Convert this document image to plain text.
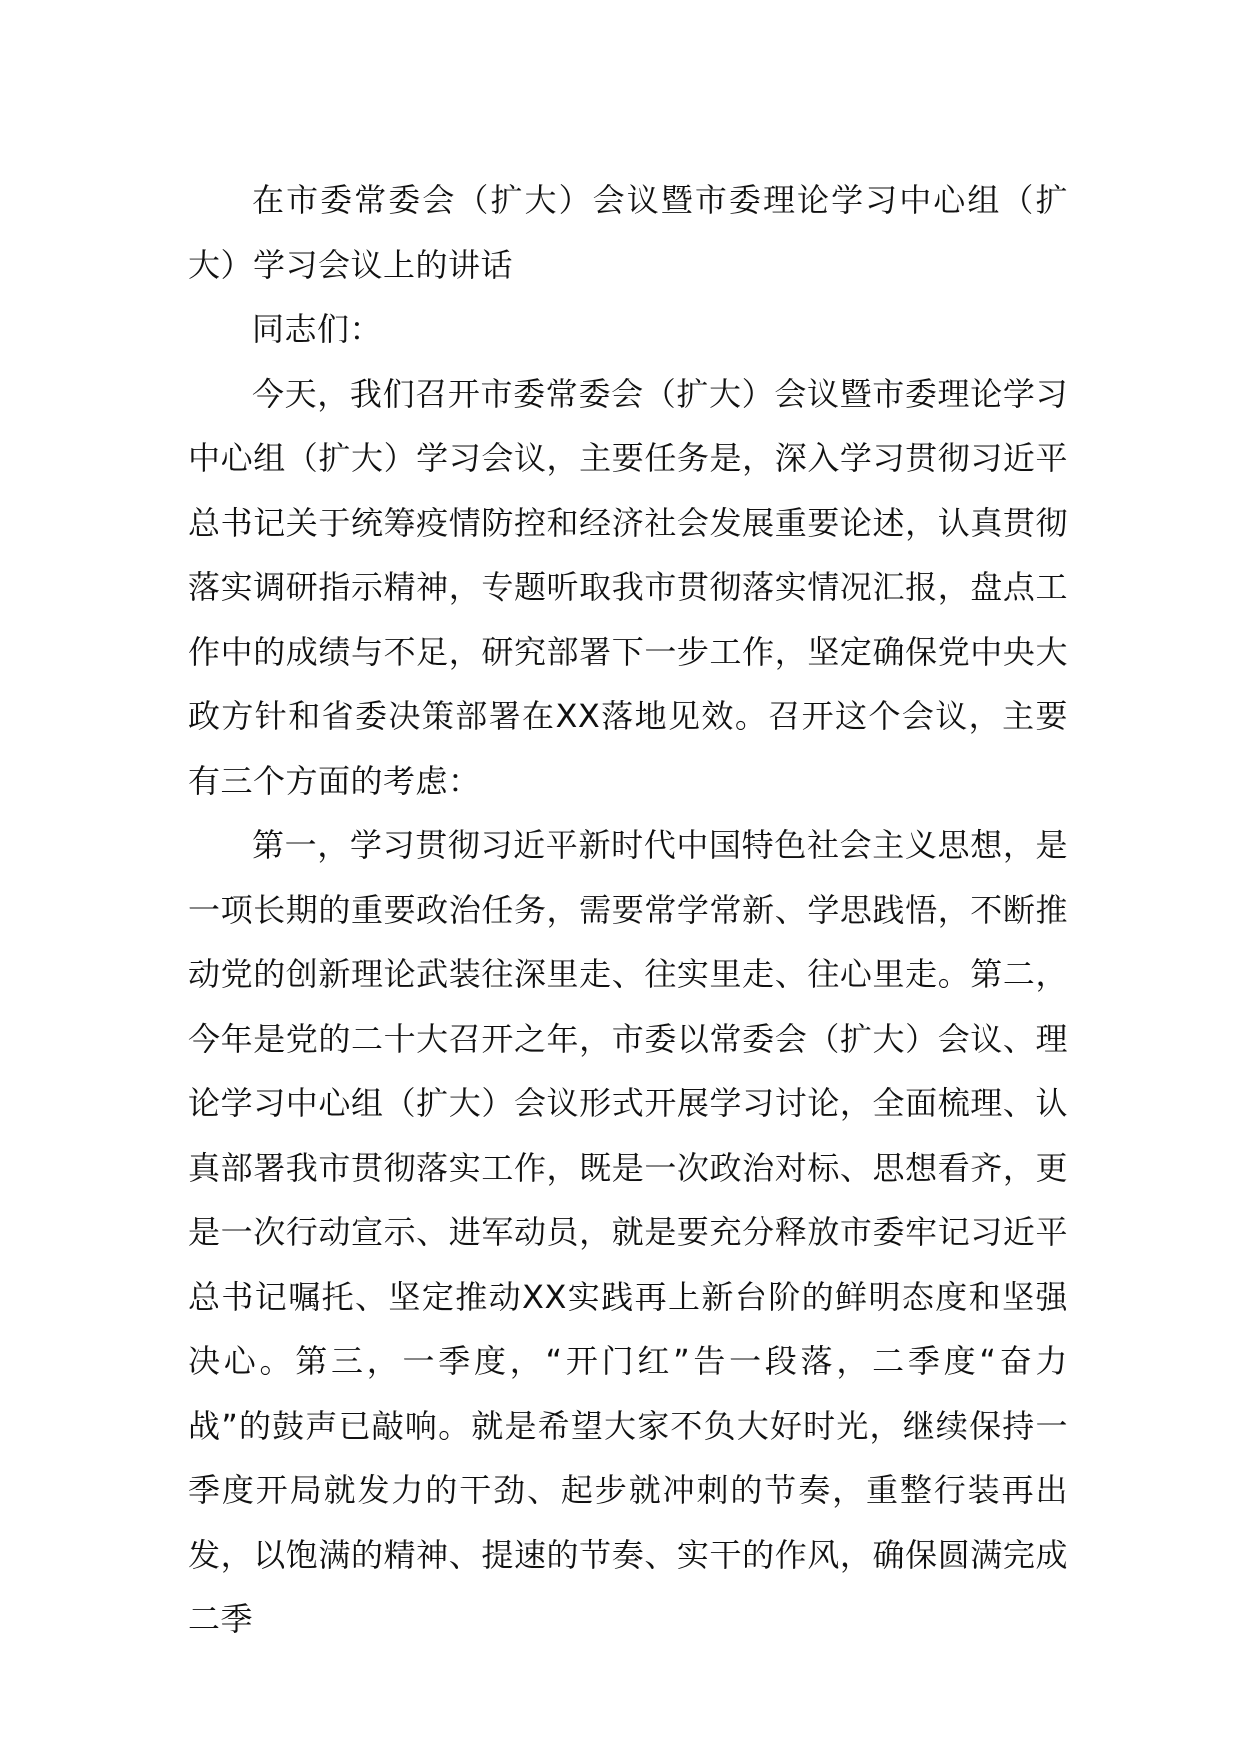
在市委常委会（扩大）会议暨市委理论学习中心组（扩大）学习会议上的讲话

同志们：

今天，我们召开市委常委会（扩大）会议暨市委理论学习中心组（扩大）学习会议，主要任务是，深入学习贯彻习近平总书记关于统筹疫情防控和经济社会发展重要论述，认真贯彻落实调研指示精神，专题听取我市贯彻落实情况汇报，盘点工作中的成绩与不足，研究部署下一步工作，坚定确保党中央大政方针和省委决策部署在XX落地见效。召开这个会议，主要有三个方面的考虑：

第一，学习贯彻习近平新时代中国特色社会主义思想，是一项长期的重要政治任务，需要常学常新、学思践悟，不断推动党的创新理论武装往深里走、往实里走、往心里走。第二，今年是党的二十大召开之年，市委以常委会（扩大）会议、理论学习中心组（扩大）会议形式开展学习讨论，全面梳理、认真部署我市贯彻落实工作，既是一次政治对标、思想看齐，更是一次行动宣示、进军动员，就是要充分释放市委牢记习近平总书记嘱托、坚定推动XX实践再上新台阶的鲜明态度和坚强决心。第三，一季度，“开门红”告一段落，二季度“奋力战”的鼓声已敲响。就是希望大家不负大好时光，继续保持一季度开局就发力的干劲、起步就冲刺的节奏，重整行装再出发，以饱满的精神、提速的节奏、实干的作风，确保圆满完成二季
